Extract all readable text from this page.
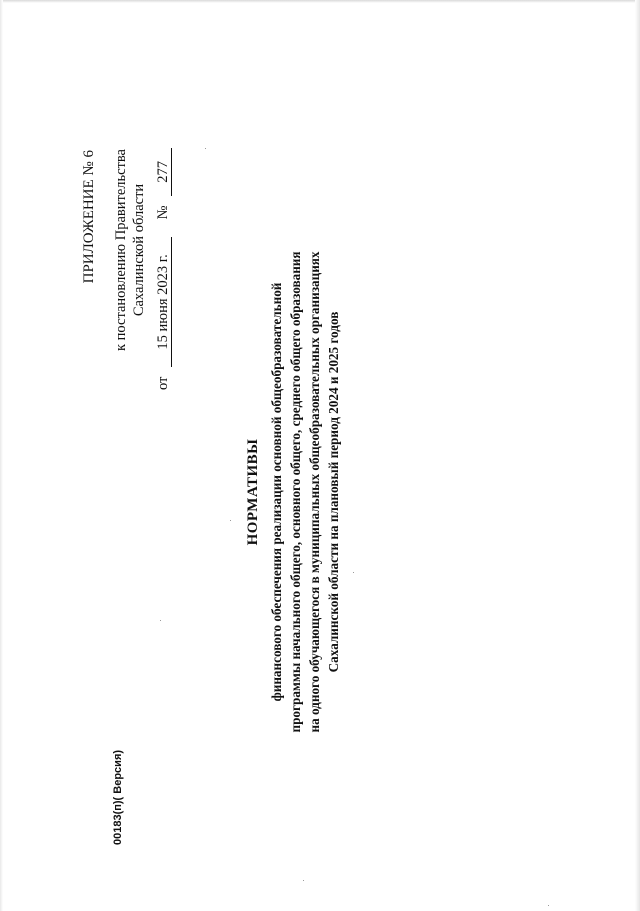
ПРИЛОЖЕНИЕ № 6 к постановлению Правительства Сахалинской области
от 15 июня 2023 г. № 277
НОРМАТИВЫ финансового обеспечения реализации основной общеобразовательной программы начального общего, основного общего, среднего общего образования на одного обучающегося в муниципальных общеобразовательных организациях Сахалинской области на плановый период 2024 и 2025 годов
00183(п)( Версия)
